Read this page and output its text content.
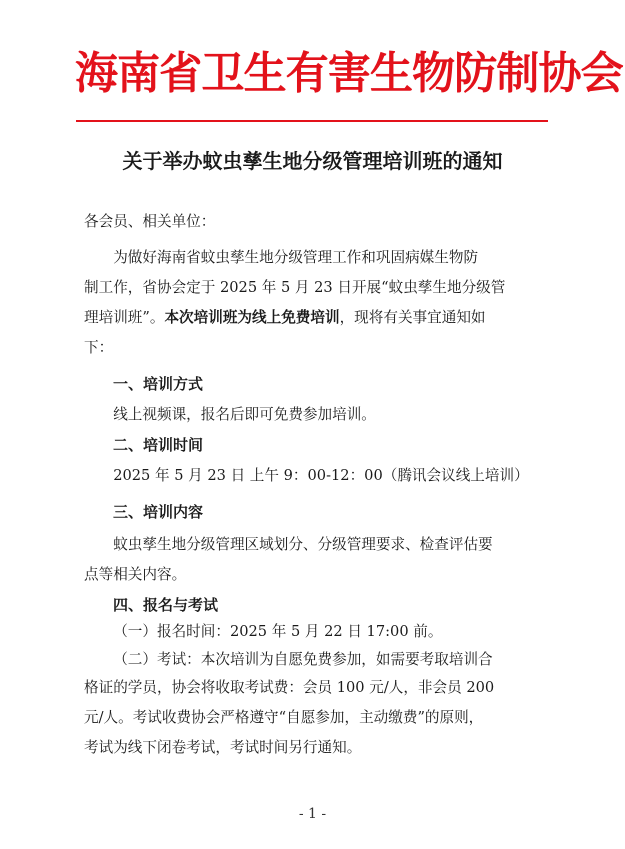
海南省卫生有害生物防制协会
关于举办蚊虫孳生地分级管理培训班的通知
各会员、相关单位：
为做好海南省蚊虫孳生地分级管理工作和巩固病媒生物防
制工作，省协会定于 2025 年 5 月 23 日开展“蚊虫孳生地分级管
理培训班”。本次培训班为线上免费培训，现将有关事宜通知如
下：
一、培训方式
线上视频课，报名后即可免费参加培训。
二、培训时间
2025 年 5 月 23 日 上午 9：00-12：00（腾讯会议线上培训）
三、培训内容
蚊虫孳生地分级管理区域划分、分级管理要求、检查评估要
点等相关内容。
四、报名与考试
（一）报名时间：2025 年 5 月 22 日 17:00 前。
（二）考试：本次培训为自愿免费参加，如需要考取培训合
格证的学员，协会将收取考试费：会员 100 元/人，非会员 200
元/人。考试收费协会严格遵守“自愿参加，主动缴费”的原则，
考试为线下闭卷考试，考试时间另行通知。
- 1 -
